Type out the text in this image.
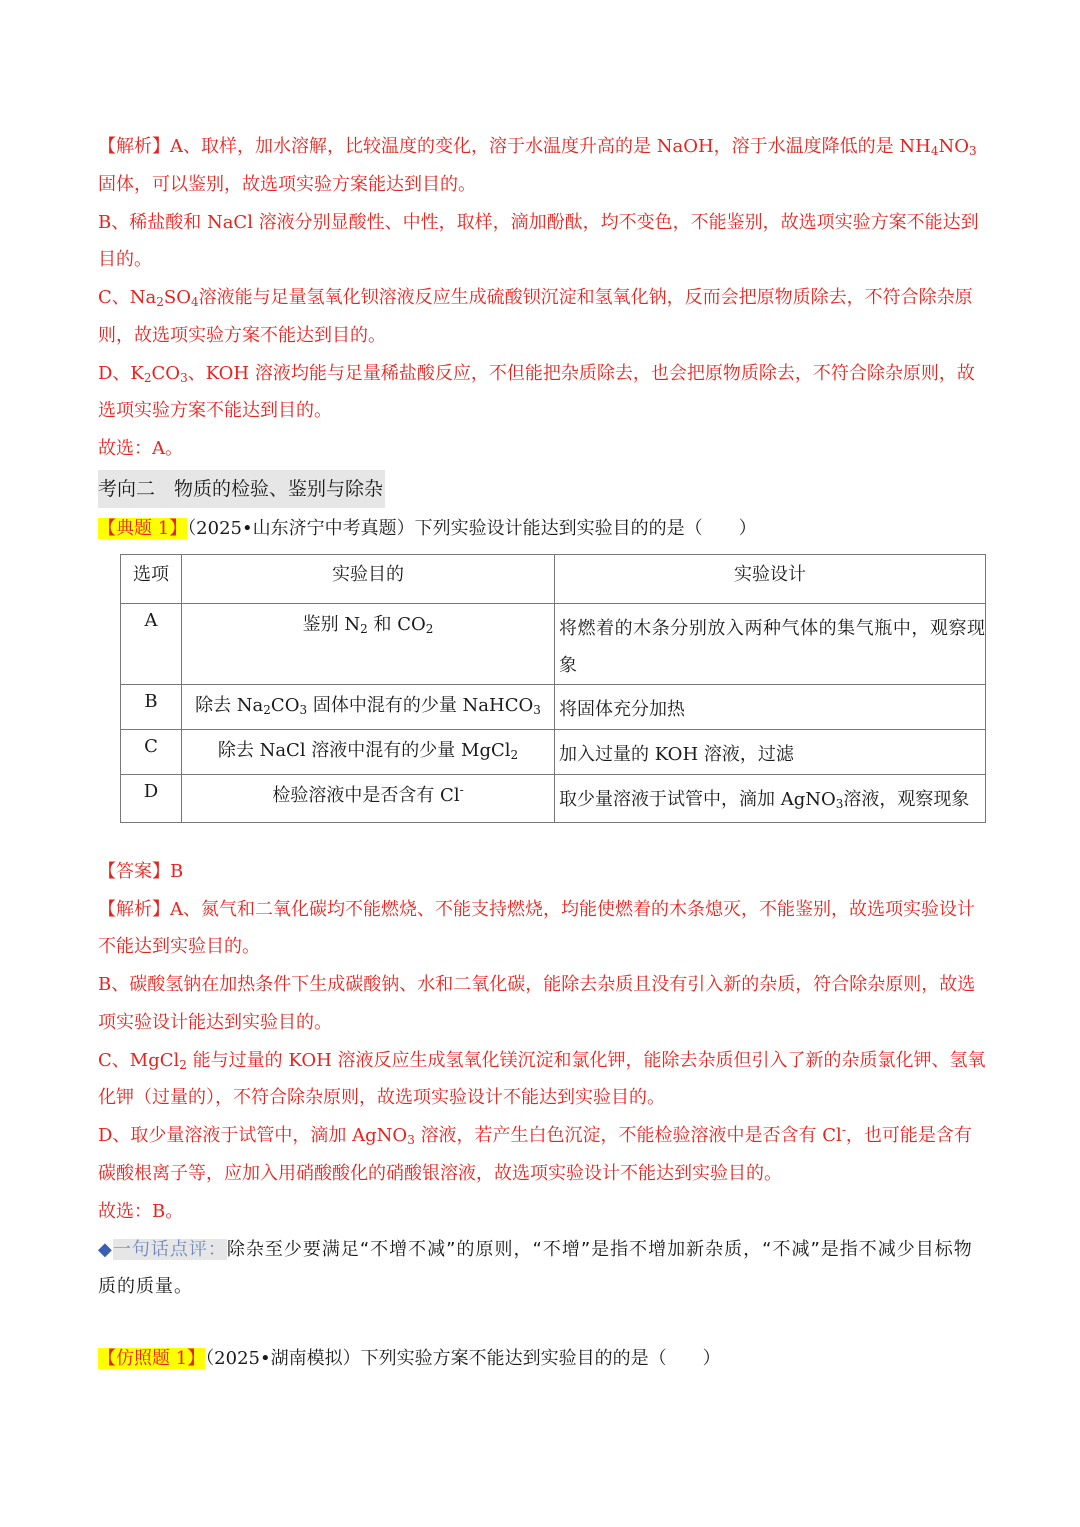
【解析】A、取样，加水溶解，比较温度的变化，溶于水温度升高的是 NaOH，溶于水温度降低的是 $NH_4NO_3$固体，可以鉴别，故选项实验方案能达到目的。

B、稀盐酸和 NaCl 溶液分别显酸性、中性，取样，滴加酚酞，均不变色，不能鉴别，故选项实验方案不能达到目的。

C、$Na_2SO_4$溶液能与足量氢氧化钡溶液反应生成硫酸钡沉淀和氢氧化钠，反而会把原物质除去，不符合除杂原则，故选项实验方案不能达到目的。

D、$K_2CO_3$、KOH 溶液均能与足量稀盐酸反应，不但能把杂质除去，也会把原物质除去，不符合除杂原则，故选项实验方案不能达到目的。

故选：A。

考向二　物质的检验、鉴别与除杂

【典题 1】（2025•山东济宁中考真题）下列实验设计能达到实验目的的是（　　）

选项	实验目的	实验设计
A	鉴别 $N_2$ 和 $CO_2$	将燃着的木条分别放入两种气体的集气瓶中，观察现象
B	除去 $Na_2CO_3$ 固体中混有的少量 NaHCO$_3$	将固体充分加热
C	除去 NaCl 溶液中混有的少量 MgCl$_2$	加入过量的 KOH 溶液，过滤
D	检验溶液中是否含有 Cl-	取少量溶液于试管中，滴加 AgNO$_3$溶液，观察现象

【答案】B

【解析】A、氮气和二氧化碳均不能燃烧、不能支持燃烧，均能使燃着的木条熄灭，不能鉴别，故选项实验设计不能达到实验目的。

B、碳酸氢钠在加热条件下生成碳酸钠、水和二氧化碳，能除去杂质且没有引入新的杂质，符合除杂原则，故选项实验设计能达到实验目的。

C、MgCl$_2$ 能与过量的 KOH 溶液反应生成氢氧化镁沉淀和氯化钾，能除去杂质但引入了新的杂质氯化钾、氢氧化钾（过量的），不符合除杂原则，故选项实验设计不能达到实验目的。

D、取少量溶液于试管中，滴加 AgNO$_3$ 溶液，若产生白色沉淀，不能检验溶液中是否含有 Cl-，也可能是含有碳酸根离子等，应加入用硝酸酸化的硝酸银溶液，故选项实验设计不能达到实验目的。

故选：B。

◆一句话点评：除杂至少要满足“不增不减”的原则，“不增”是指不增加新杂质，“不减”是指不减少目标物质的质量。

【仿照题 1】（2025•湖南模拟）下列实验方案不能达到实验目的的是（　　）
